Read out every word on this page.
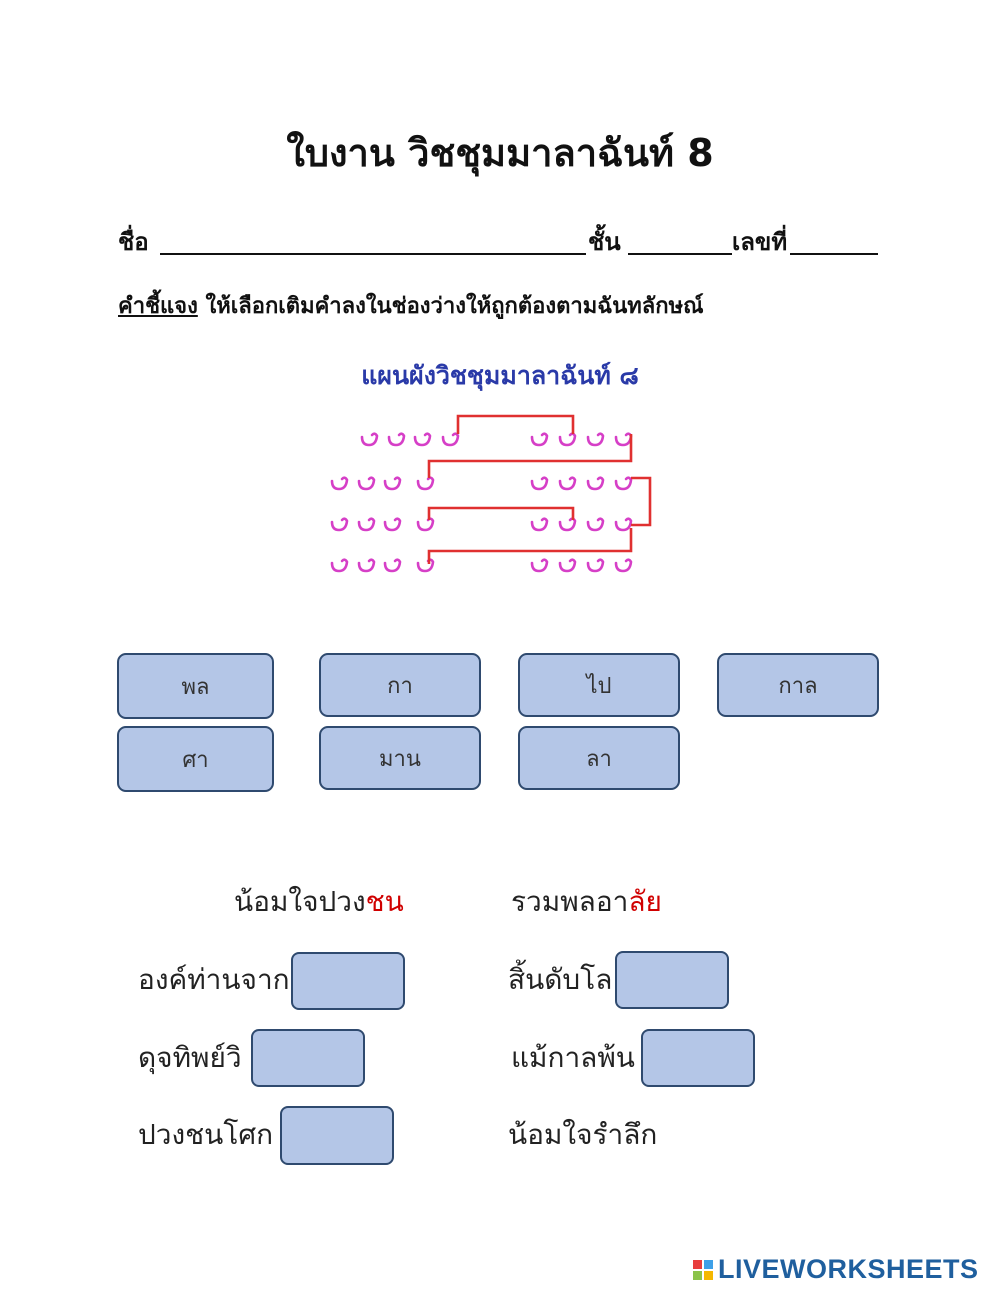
ใบงาน วิชชุมมาลาฉันท์ 8
ชื่อ	ชั้น	เลขที่
คำชี้แจง ให้เลือกเติมคำลงในช่องว่างให้ถูกต้องตามฉันทลักษณ์
แผนผังวิชชุมมาลาฉันท์ ๘
พล	กา	ไป	กาล
ศา	มาน	ลา
น้อมใจปวงชน
องค์ท่านจาก
ดุจทิพย์วิ
ปวงชนโศก
รวมพลอาลัย
สิ้นดับโล
แม้กาลพ้น
น้อมใจรำลึก
LIVEWORKSHEETS
